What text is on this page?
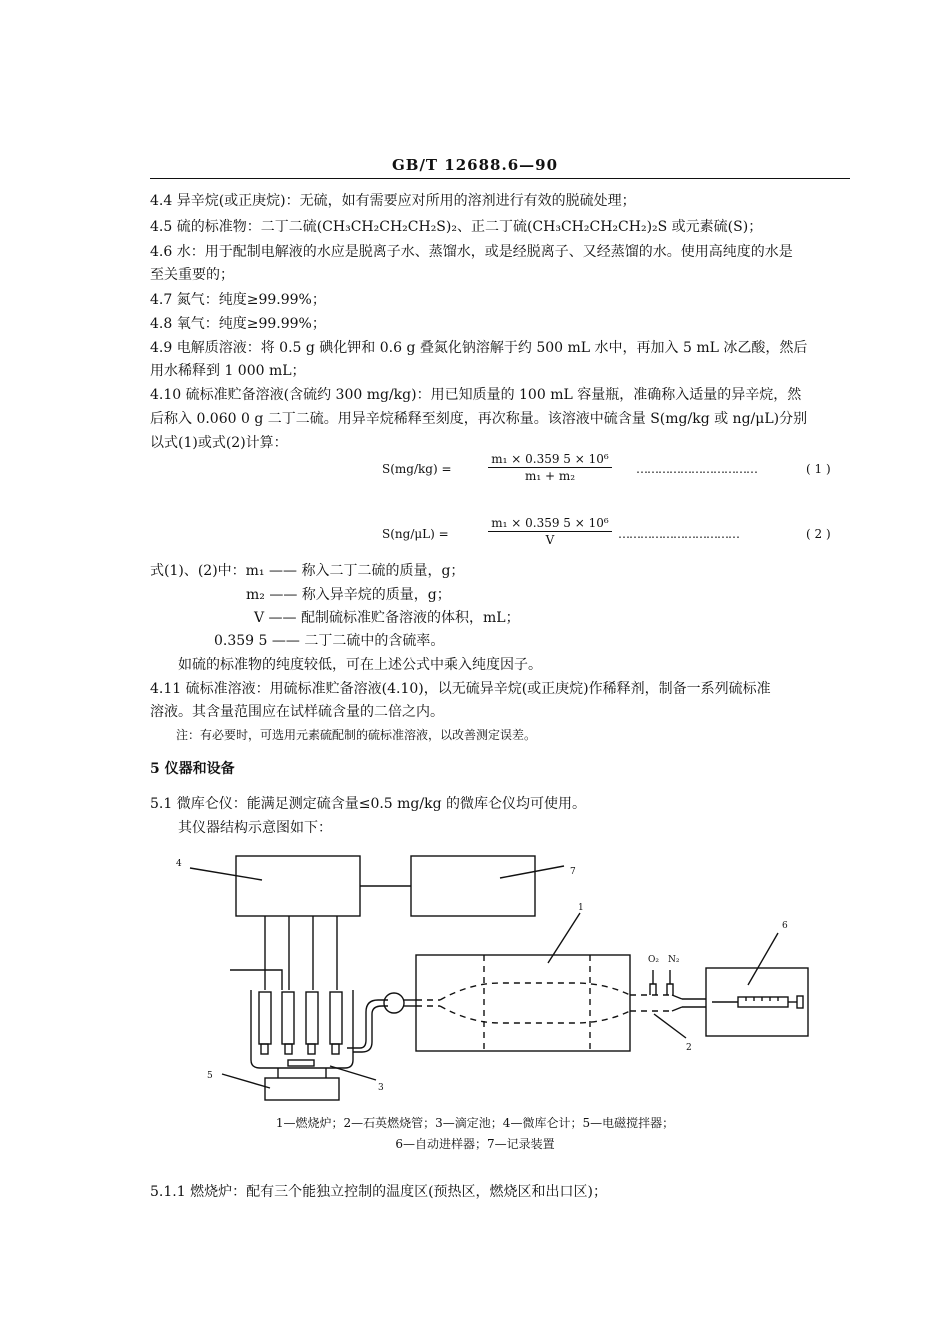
GB/T 12688.6—90
4.4 异辛烷(或正庚烷)：无硫，如有需要应对所用的溶剂进行有效的脱硫处理；
4.5 硫的标准物：二丁二硫(CH₃CH₂CH₂CH₂S)₂、正二丁硫(CH₃CH₂CH₂CH₂)₂S 或元素硫(S)；
4.6 水：用于配制电解液的水应是脱离子水、蒸馏水，或是经脱离子、又经蒸馏的水。使用高纯度的水是
至关重要的；
4.7 氮气：纯度≥99.99%；
4.8 氧气：纯度≥99.99%；
4.9 电解质溶液：将 0.5 g 碘化钾和 0.6 g 叠氮化钠溶解于约 500 mL 水中，再加入 5 mL 冰乙酸，然后
用水稀释到 1 000 mL；
4.10 硫标准贮备溶液(含硫约 300 mg/kg)：用已知质量的 100 mL 容量瓶，准确称入适量的异辛烷，然
后称入 0.060 0 g 二丁二硫。用异辛烷稀释至刻度，再次称量。该溶液中硫含量 S(mg/kg 或 ng/μL)分别
以式(1)或式(2)计算：
S(mg/kg) =	$\frac{\text{m₁ × 0.359 5 × 10⁶}}{\text{m₁ + m₂}}$ ……………………………	( 1 )
S(ng/μL) =	$\frac{\text{m₁ × 0.359 5 × 10⁶}}{V}$ ……………………………	( 2 )
式(1)、(2)中：m₁ —— 称入二丁二硫的质量，g；
m₂ —— 称入异辛烷的质量，g；
V —— 配制硫标准贮备溶液的体积，mL；
0.359 5 —— 二丁二硫中的含硫率。
如硫的标准物的纯度较低，可在上述公式中乘入纯度因子。
4.11 硫标准溶液：用硫标准贮备溶液(4.10)，以无硫异辛烷(或正庚烷)作稀释剂，制备一系列硫标准
溶液。其含量范围应在试样硫含量的二倍之内。
注：有必要时，可选用元素硫配制的硫标准溶液，以改善测定误差。
5 仪器和设备
5.1 微库仑仪：能满足测定硫含量≤0.5 mg/kg 的微库仑仪均可使用。
其仪器结构示意图如下：
4
7
1
6
2
5
3
O₂ N₂
1—燃烧炉；2—石英燃烧管；3—滴定池；4—微库仑计；5—电磁搅拌器；
6—自动进样器；7—记录装置
5.1.1 燃烧炉：配有三个能独立控制的温度区(预热区，燃烧区和出口区)；
